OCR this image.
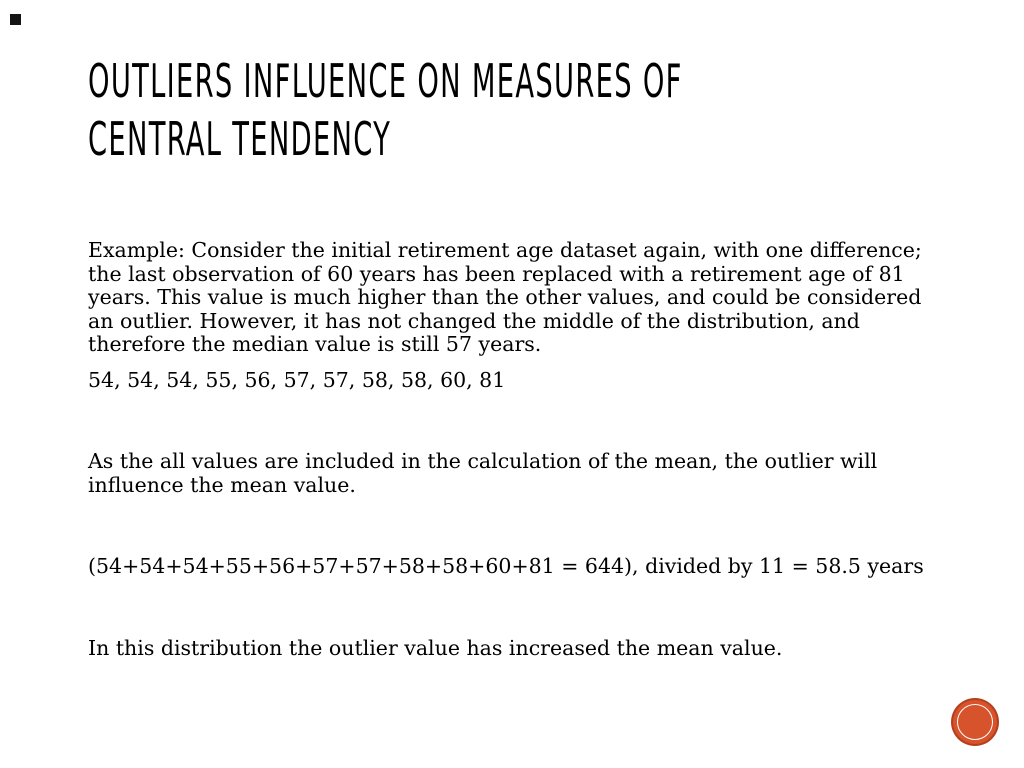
OUTLIERS INFLUENCE ON MEASURES OF
CENTRAL TENDENCY

Example: Consider the initial retirement age dataset again, with one difference; the last observation of 60 years has been replaced with a retirement age of 81 years. This value is much higher than the other values, and could be considered an outlier. However, it has not changed the middle of the distribution, and therefore the median value is still 57 years.

54, 54, 54, 55, 56, 57, 57, 58, 58, 60, 81

As the all values are included in the calculation of the mean, the outlier will influence the mean value.

(54+54+54+55+56+57+57+58+58+60+81 = 644), divided by 11 = 58.5 years

In this distribution the outlier value has increased the mean value.
